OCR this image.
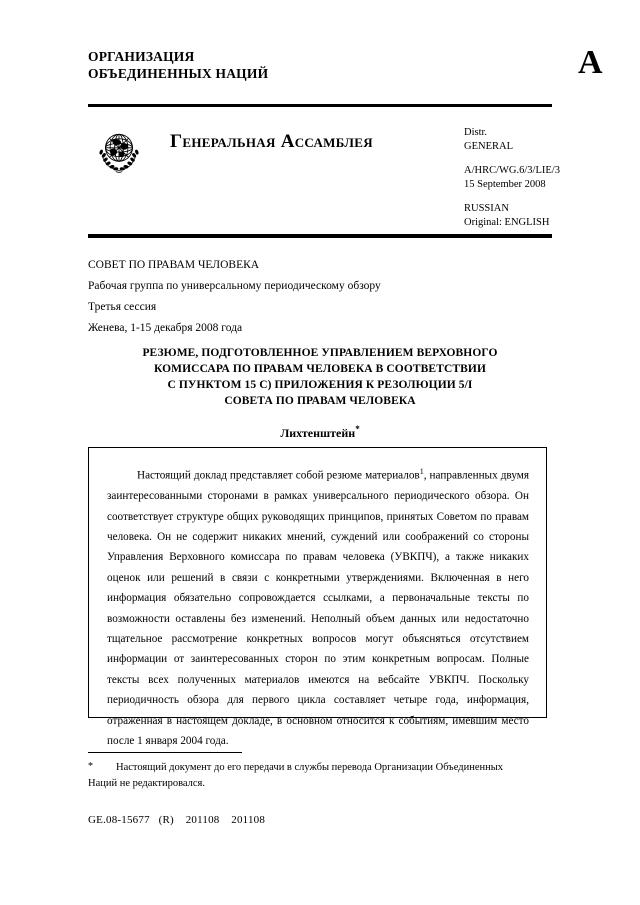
ОРГАНИЗАЦИЯ
ОБЪЕДИНЕННЫХ НАЦИЙ	A
Генеральная Ассамблея	Distr.
GENERAL
A/HRC/WG.6/3/LIE/3
15 September 2008
RUSSIAN
Original: ENGLISH
СОВЕТ ПО ПРАВАМ ЧЕЛОВЕКА
Рабочая группа по универсальному периодическому обзору
Третья сессия
Женева, 1-15 декабря 2008 года
РЕЗЮМЕ, ПОДГОТОВЛЕННОЕ УПРАВЛЕНИЕМ ВЕРХОВНОГО
КОМИССАРА ПО ПРАВАМ ЧЕЛОВЕКА В СООТВЕТСТВИИ
С ПУНКТОМ 15 С) ПРИЛОЖЕНИЯ К РЕЗОЛЮЦИИ 5/I
СОВЕТА ПО ПРАВАМ ЧЕЛОВЕКА
Лихтенштейн*
Настоящий доклад представляет собой резюме материалов$^1$, направленных двумя заинтересованными сторонами в рамках универсального периодического обзора. Он соответствует структуре общих руководящих принципов, принятых Советом по правам человека. Он не содержит никаких мнений, суждений или соображений со стороны Управления Верховного комиссара по правам человека (УВКПЧ), а также никаких оценок или решений в связи с конкретными утверждениями. Включенная в него информация обязательно сопровождается ссылками, а первоначальные тексты по возможности оставлены без изменений. Неполный объем данных или недостаточно тщательное рассмотрение конкретных вопросов могут объясняться отсутствием информации от заинтересованных сторон по этим конкретным вопросам. Полные тексты всех полученных материалов имеются на вебсайте УВКПЧ. Поскольку периодичность обзора для первого цикла составляет четыре года, информация, отраженная в настоящем докладе, в основном относится к событиям, имевшим место после 1 января 2004 года.
*	Настоящий документ до его передачи в службы перевода Организации Объединенных Наций не редактировался.
GE.08-15677   (R)    201108    201108
